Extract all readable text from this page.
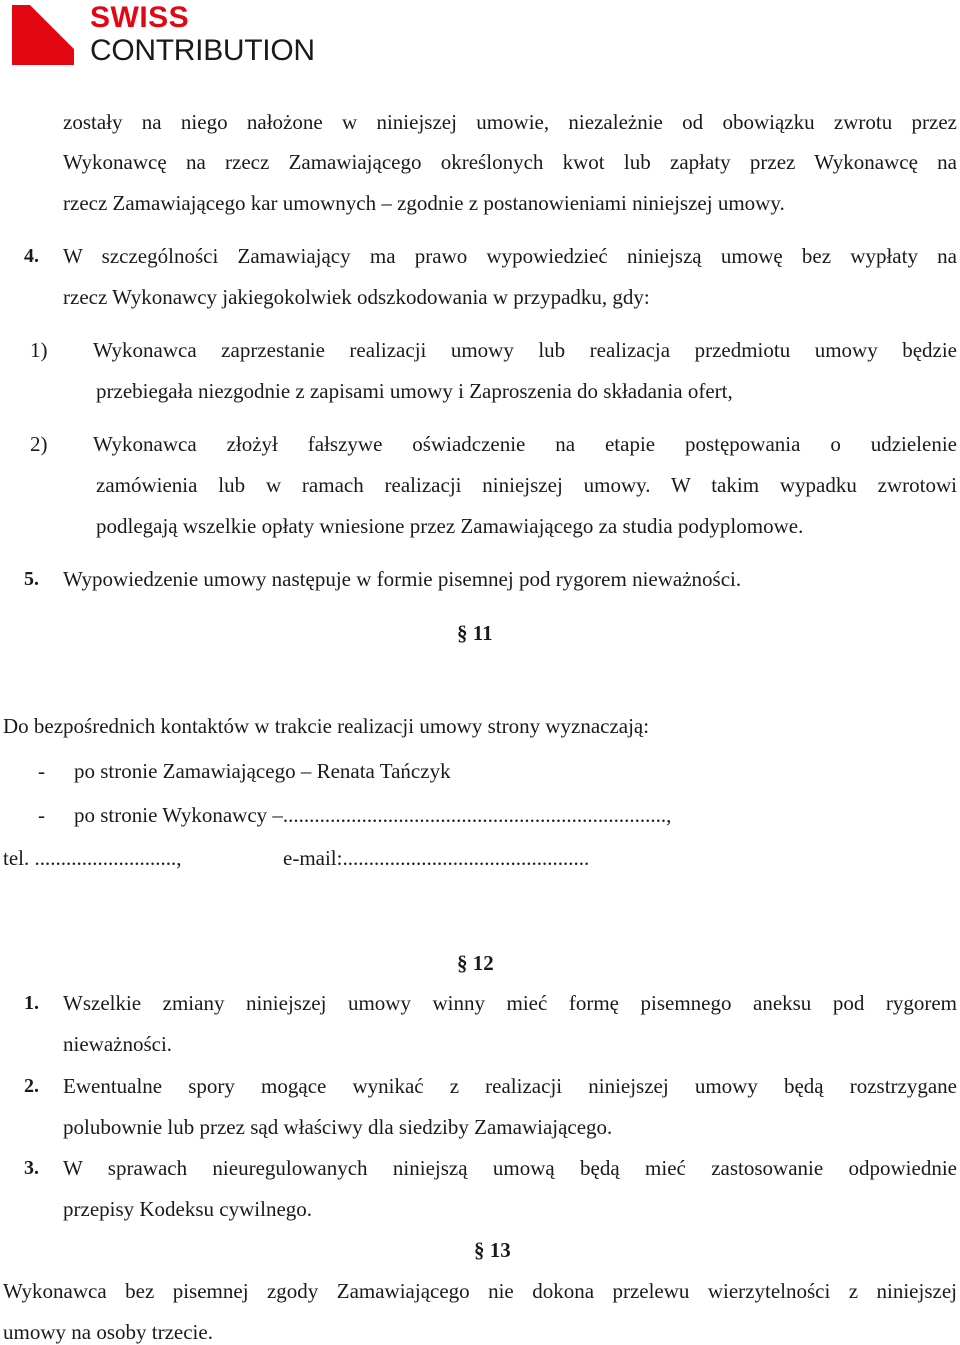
SWISS
CONTRIBUTION
zostały na niego nałożone w niniejszej umowie, niezależnie od obowiązku zwrotu przez
Wykonawcę na rzecz Zamawiającego określonych kwot lub zapłaty przez Wykonawcę na
rzecz Zamawiającego kar umownych – zgodnie z postanowieniami niniejszej umowy.
4. W szczególności Zamawiający ma prawo wypowiedzieć niniejszą umowę bez wypłaty na
rzecz Wykonawcy jakiegokolwiek odszkodowania w przypadku, gdy:
1) Wykonawca zaprzestanie realizacji umowy lub realizacja przedmiotu umowy będzie
przebiegała niezgodnie z zapisami umowy i Zaproszenia do składania ofert,
2) Wykonawca złożył fałszywe oświadczenie na etapie postępowania o udzielenie
zamówienia lub w ramach realizacji niniejszej umowy. W takim wypadku zwrotowi
podlegają wszelkie opłaty wniesione przez Zamawiającego za studia podyplomowe.
5. Wypowiedzenie umowy następuje w formie pisemnej pod rygorem nieważności.
§ 11
Do bezpośrednich kontaktów w trakcie realizacji umowy strony wyznaczają:
- po stronie Zamawiającego – Renata Tańczyk
- po stronie Wykonawcy –.........................................................................,
tel. ...........................,	e-mail:...............................................
§ 12
1. Wszelkie zmiany niniejszej umowy winny mieć formę pisemnego aneksu pod rygorem
nieważności.
2. Ewentualne spory mogące wynikać z realizacji niniejszej umowy będą rozstrzygane
polubownie lub przez sąd właściwy dla siedziby Zamawiającego.
3. W sprawach nieuregulowanych niniejszą umową będą mieć zastosowanie odpowiednie
przepisy Kodeksu cywilnego.
§ 13
Wykonawca bez pisemnej zgody Zamawiającego nie dokona przelewu wierzytelności z niniejszej
umowy na osoby trzecie.
